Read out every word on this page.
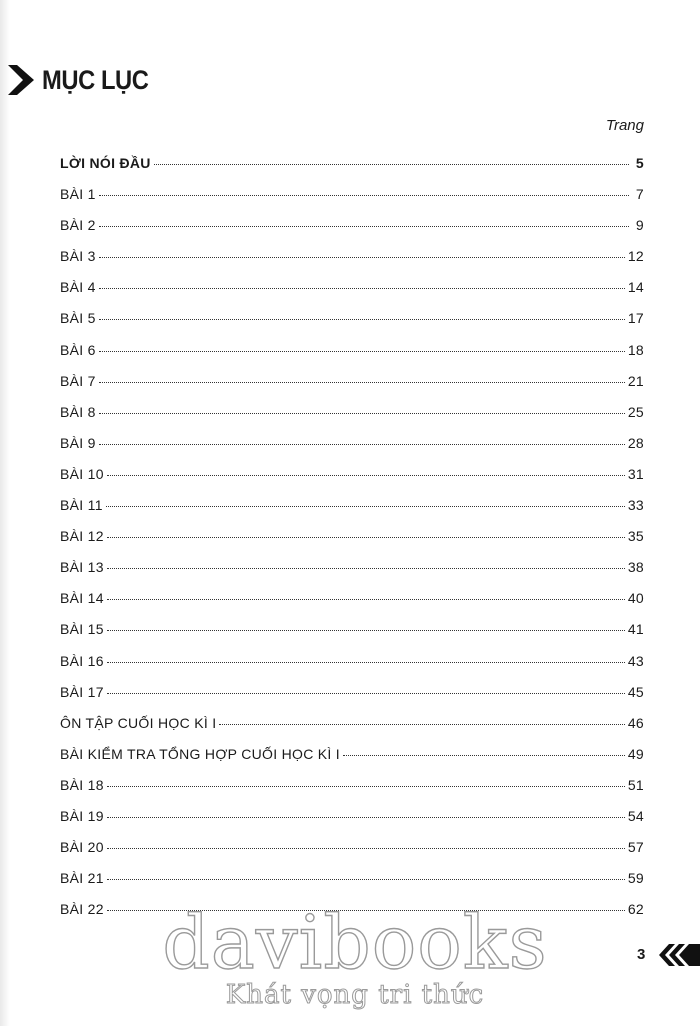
MỤC LỤC
Trang
LỜI NÓI ĐẦU	5
BÀI 1	7
BÀI 2	9
BÀI 3	12
BÀI 4	14
BÀI 5	17
BÀI 6	18
BÀI 7	21
BÀI 8	25
BÀI 9	28
BÀI 10	31
BÀI 11	33
BÀI 12	35
BÀI 13	38
BÀI 14	40
BÀI 15	41
BÀI 16	43
BÀI 17	45
ÔN TẬP CUỐI HỌC KÌ I	46
BÀI KIỂM TRA TỔNG HỢP CUỐI HỌC KÌ I	49
BÀI 18	51
BÀI 19	54
BÀI 20	57
BÀI 21	59
BÀI 22	62
3
davibooks
Khát vọng tri thức
